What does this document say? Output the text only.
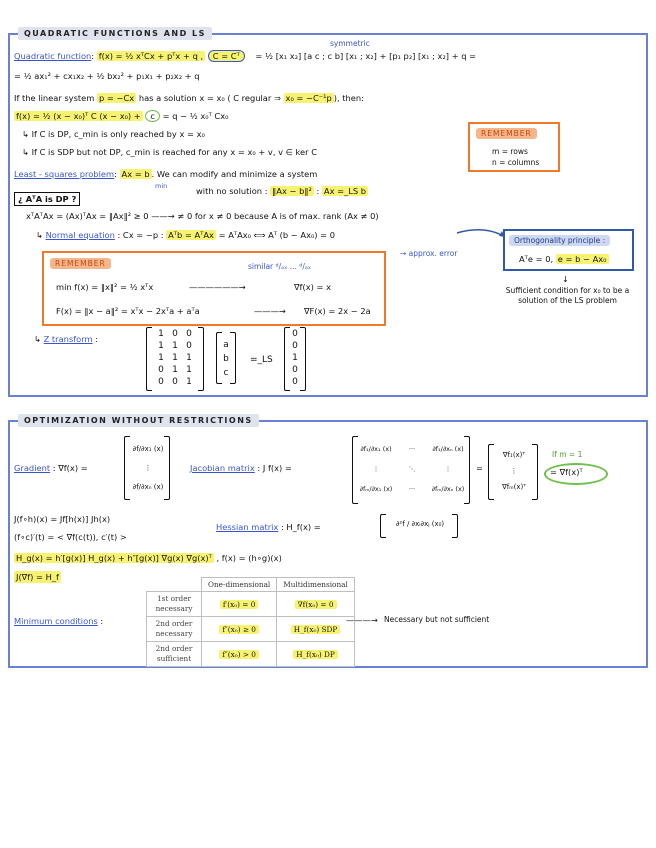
QUADRATIC FUNCTIONS AND LS
symmetric
Quadratic function: f(x) = ½ xᵀCx + pᵀx + q , C = Cᵀ = ½ [x₁ x₂] [a c ; c b] [x₁ ; x₂] + [p₁ p₂] [x₁ ; x₂] + q =
= ½ ax₁² + cx₁x₂ + ½ bx₂² + p₁x₁ + p₂x₂ + q
If the linear system p = −Cx has a solution x = x₀ ( C regular ⇒ x₀ = −C⁻¹p ), then:
f(x) = ½ (x − x₀)ᵀ C (x − x₀) + c = q − ½ x₀ᵀ Cx₀
↳ If C is DP, c_min is only reached by x = x₀
↳ If C is SDP but not DP, c_min is reached for any x = x₀ + v, v ∈ ker C
REMEMBER
m = rows
n = columns
Least - squares problem: Ax = b . We can modify and minimize a system
min	with no solution : ‖Ax − b‖² : Ax =_LS b
¿ AᵀA is DP ?
xᵀAᵀAx = (Ax)ᵀAx = ‖Ax‖² ≥ 0 ——→ ≠ 0 for x ≠ 0 because A is of max. rank (Ax ≠ 0)
↳ Normal equation : Cx = −p : Aᵀb = AᵀAx = AᵀAx₀ ⟺ Aᵀ (b − Ax₀) = 0
→ approx. error
Orthogonality principle :
Aᵀe = 0, e = b − Ax₀
↓
Sufficient condition for x₀ to be a solution of the LS problem
REMEMBER	similar ᵈ/ₐₓ ... ᵈ/ₐₓ
min f(x) = ‖x‖² = ½ xᵀx	——————→	∇f(x) = x
F(x) = ‖x − a‖² = xᵀx − 2xᵀa + aᵀa	———→ ∇F(x) = 2x − 2a
↳ Z transform :	1 0 0
1 1 0
1 1 1
0 1 1
0 0 1
a
b
c
=_LS
0
0
1
0
0
OPTIMIZATION WITHOUT RESTRICTIONS
Gradient : ∇f(x) =
∂f/∂x₁ (x)
⋮
∂f/∂xₙ (x)
Jacobian matrix : J f(x) =
∂f₁/∂x₁ (x)	···	∂f₁/∂xₙ (x)
⋮	⋱	⋮
∂fₘ/∂x₁ (x)	···	∂fₘ/∂xₙ (x)
=
∇f₁(x)ᵀ
⋮
∇fₘ(x)ᵀ
If m = 1
= ∇f(x)ᵀ
J(f∘h)(x) = Jf[h(x)] Jh(x)
(f∘c)′(t) = < ∇f(c(t)), c′(t) >
Hessian matrix : H_f(x) =	∂²f / ∂xᵢ∂xⱼ (x₀)
H_g(x) = h′[g(x)] H_g(x) + h″[g(x)] ∇g(x) ∇g(x)ᵀ , f(x) = (h∘g)(x)
J(∇f) = H_f
Minimum conditions :
	One-dimensional	Multidimensional
1st order necessary	f′(x₀) = 0	∇f(x₀) = 0
2nd order necessary	f″(x₀) ≥ 0	H_f(x₀) SDP
2nd order sufficient	f″(x₀) > 0	H_f(x₀) DP
———→ Necessary but not sufficient
